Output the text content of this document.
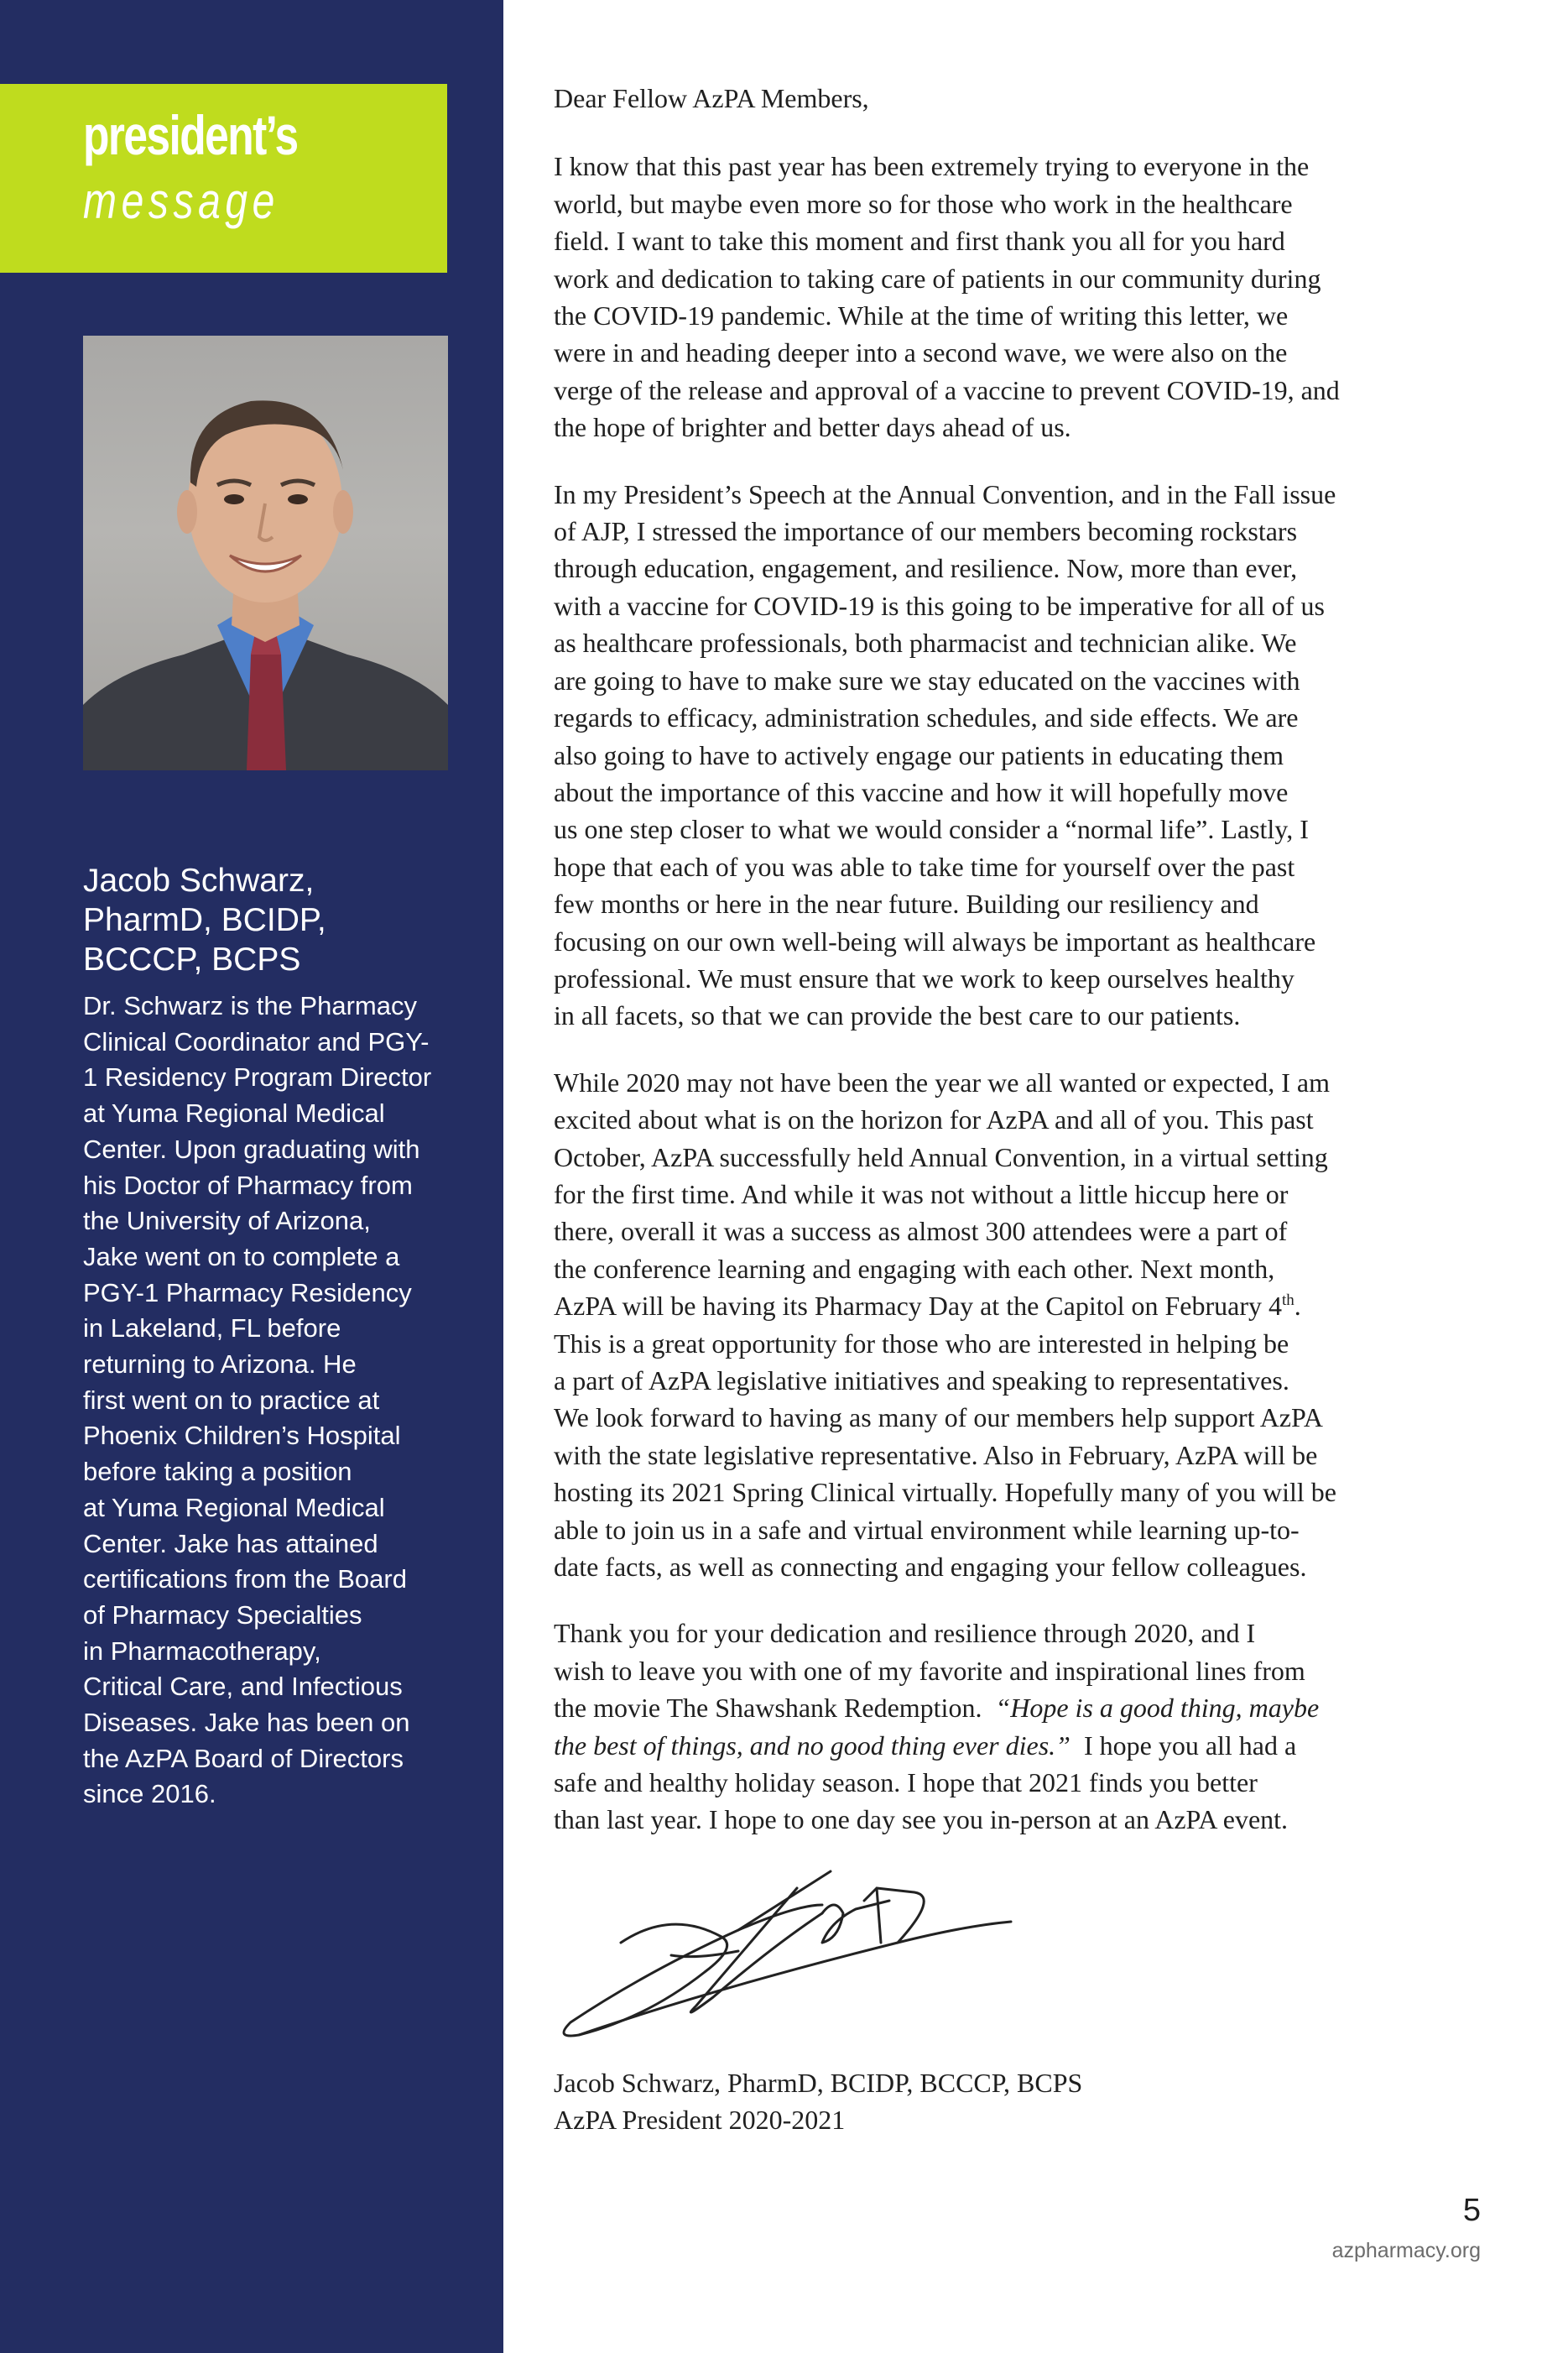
president’s
message
Jacob Schwarz,
PharmD, BCIDP,
BCCCP, BCPS
Dr. Schwarz is the Pharmacy
Clinical Coordinator and PGY-
1 Residency Program Director
at Yuma Regional Medical
Center. Upon graduating with
his Doctor of Pharmacy from
the University of Arizona,
Jake went on to complete a
PGY-1 Pharmacy Residency
in Lakeland, FL before
returning to Arizona. He
first went on to practice at
Phoenix Children’s Hospital
before taking a position
at Yuma Regional Medical
Center. Jake has attained
certifications from the Board
of Pharmacy Specialties
in Pharmacotherapy,
Critical Care, and Infectious
Diseases. Jake has been on
the AzPA Board of Directors
since 2016.
Dear Fellow AzPA Members,
I know that this past year has been extremely trying to everyone in the
world, but maybe even more so for those who work in the healthcare
field. I want to take this moment and first thank you all for you hard
work and dedication to taking care of patients in our community during
the COVID-19 pandemic. While at the time of writing this letter, we
were in and heading deeper into a second wave, we were also on the
verge of the release and approval of a vaccine to prevent COVID-19, and
the hope of brighter and better days ahead of us.
In my President’s Speech at the Annual Convention, and in the Fall issue
of AJP, I stressed the importance of our members becoming rockstars
through education, engagement, and resilience. Now, more than ever,
with a vaccine for COVID-19 is this going to be imperative for all of us
as healthcare professionals, both pharmacist and technician alike. We
are going to have to make sure we stay educated on the vaccines with
regards to efficacy, administration schedules, and side effects. We are
also going to have to actively engage our patients in educating them
about the importance of this vaccine and how it will hopefully move
us one step closer to what we would consider a “normal life”. Lastly, I
hope that each of you was able to take time for yourself over the past
few months or here in the near future. Building our resiliency and
focusing on our own well-being will always be important as healthcare
professional. We must ensure that we work to keep ourselves healthy
in all facets, so that we can provide the best care to our patients.
While 2020 may not have been the year we all wanted or expected, I am
excited about what is on the horizon for AzPA and all of you. This past
October, AzPA successfully held Annual Convention, in a virtual setting
for the first time. And while it was not without a little hiccup here or
there, overall it was a success as almost 300 attendees were a part of
the conference learning and engaging with each other. Next month,
AzPA will be having its Pharmacy Day at the Capitol on February 4th.
This is a great opportunity for those who are interested in helping be
a part of AzPA legislative initiatives and speaking to representatives.
We look forward to having as many of our members help support AzPA
with the state legislative representative. Also in February, AzPA will be
hosting its 2021 Spring Clinical virtually. Hopefully many of you will be
able to join us in a safe and virtual environment while learning up-to-
date facts, as well as connecting and engaging your fellow colleagues.
Thank you for your dedication and resilience through 2020, and I
wish to leave you with one of my favorite and inspirational lines from
the movie The Shawshank Redemption.  “Hope is a good thing, maybe
the best of things, and no good thing ever dies.”  I hope you all had a
safe and healthy holiday season. I hope that 2021 finds you better
than last year. I hope to one day see you in-person at an AzPA event.
Jacob Schwarz, PharmD, BCIDP, BCCCP, BCPS
AzPA President 2020-2021
5
azpharmacy.org
